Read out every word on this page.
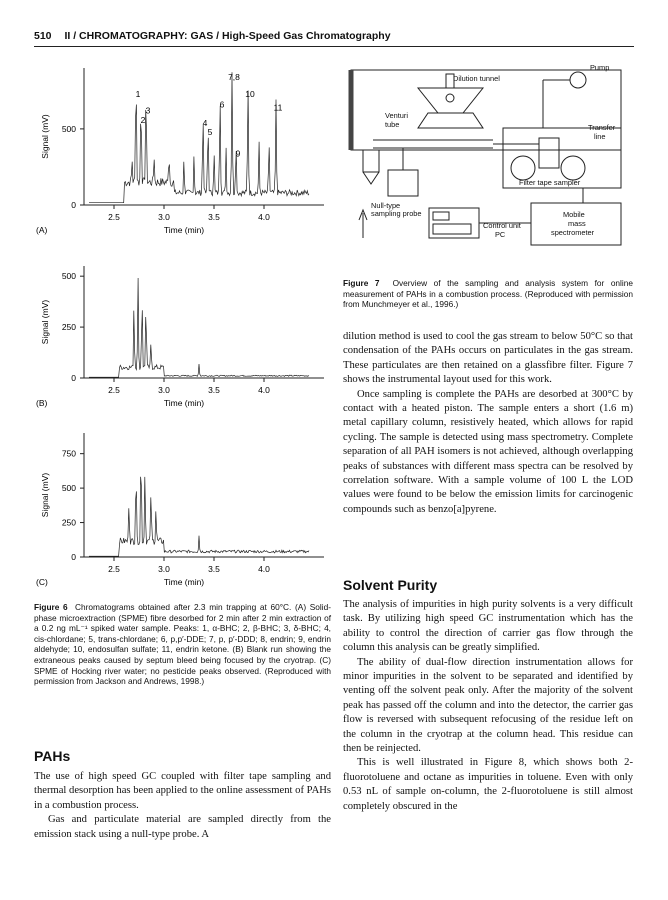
510 II / CHROMATOGRAPHY: GAS / High-Speed Gas Chromatography
2.5	3.0	3.5	4.0
0
500
Signal (mV)
Time (min)
(A)
1
2
3
4
5
6
7,8
9
10
11
2.5	3.0	3.5	4.0
0
250
500
Signal (mV)
Time (min)
(B)
2.5	3.0	3.5	4.0
0
250
500
750
Signal (mV)
Time (min)
(C)
Figure 6 Chromatograms obtained after 2.3 min trapping at 60°C. (A) Solid-phase microextraction (SPME) fibre desorbed for 2 min after 2 min extraction of a 0.2 ng mL⁻¹ spiked water sample. Peaks: 1, α-BHC; 2, β-BHC; 3, δ-BHC; 4, cis-chlordane; 5, trans-chlordane; 6, p,p′-DDE; 7, p, p′-DDD; 8, endrin; 9, endrin aldehyde; 10, endosulfan sulfate; 11, endrin ketone. (B) Blank run showing the extraneous peaks caused by septum bleed being focused by the cryotrap. (C) SPME of Hocking river water; no pesticide peaks observed. (Reproduced with permission from Jackson and Andrews, 1998.)
PAHs

The use of high speed GC coupled with filter tape sampling and thermal desorption has been applied to the online assessment of PAHs in a combustion process.

Gas and particulate material are sampled directly from the emission stack using a null-type probe. A

Pump
Dilution tunnel
Venturi
tube	Transfer
line
Filter tape sampler
Null-type
sampling probe
Control unit
PC
Mobile
mass
spectrometer
Figure 7 Overview of the sampling and analysis system for online measurement of PAHs in a combustion process. (Reproduced with permission from Munchmeyer et al., 1996.)

dilution method is used to cool the gas stream to below 50°C so that condensation of the PAHs occurs on particulates in the gas stream. These particulates are then retained on a glassfibre filter. Figure 7 shows the instrumental layout used for this work.

Once sampling is complete the PAHs are desorbed at 300°C by contact with a heated piston. The sample enters a short (1.6 m) metal capillary column, resistively heated, which allows for rapid cycling. The sample is detected using mass spectrometry. Complete separation of all PAH isomers is not achieved, although overlapping peaks of substances with different mass spectra can be resolved by correlation software. With a sample volume of 100 L the LOD values were found to be below the emission limits for carcinogenic compounds such as benzo[a]pyrene.

Solvent Purity

The analysis of impurities in high purity solvents is a very difficult task. By utilizing high speed GC instrumentation which has the ability to control the direction of carrier gas flow through the column this analysis can be greatly simplified.

The ability of dual-flow direction instrumentation allows for minor impurities in the solvent to be separated and identified by venting off the solvent peak only. After the majority of the solvent peak has passed off the column and into the detector, the carrier gas flow is reversed with subsequent refocusing of the residue left on the column in the cryotrap at the column head. This residue can then be reinjected.

This is well illustrated in Figure 8, which shows both 2-fluorotoluene and octane as impurities in toluene. Even with only 0.53 nL of sample on-column, the 2-fluorotoluene is still almost completely obscured in the
